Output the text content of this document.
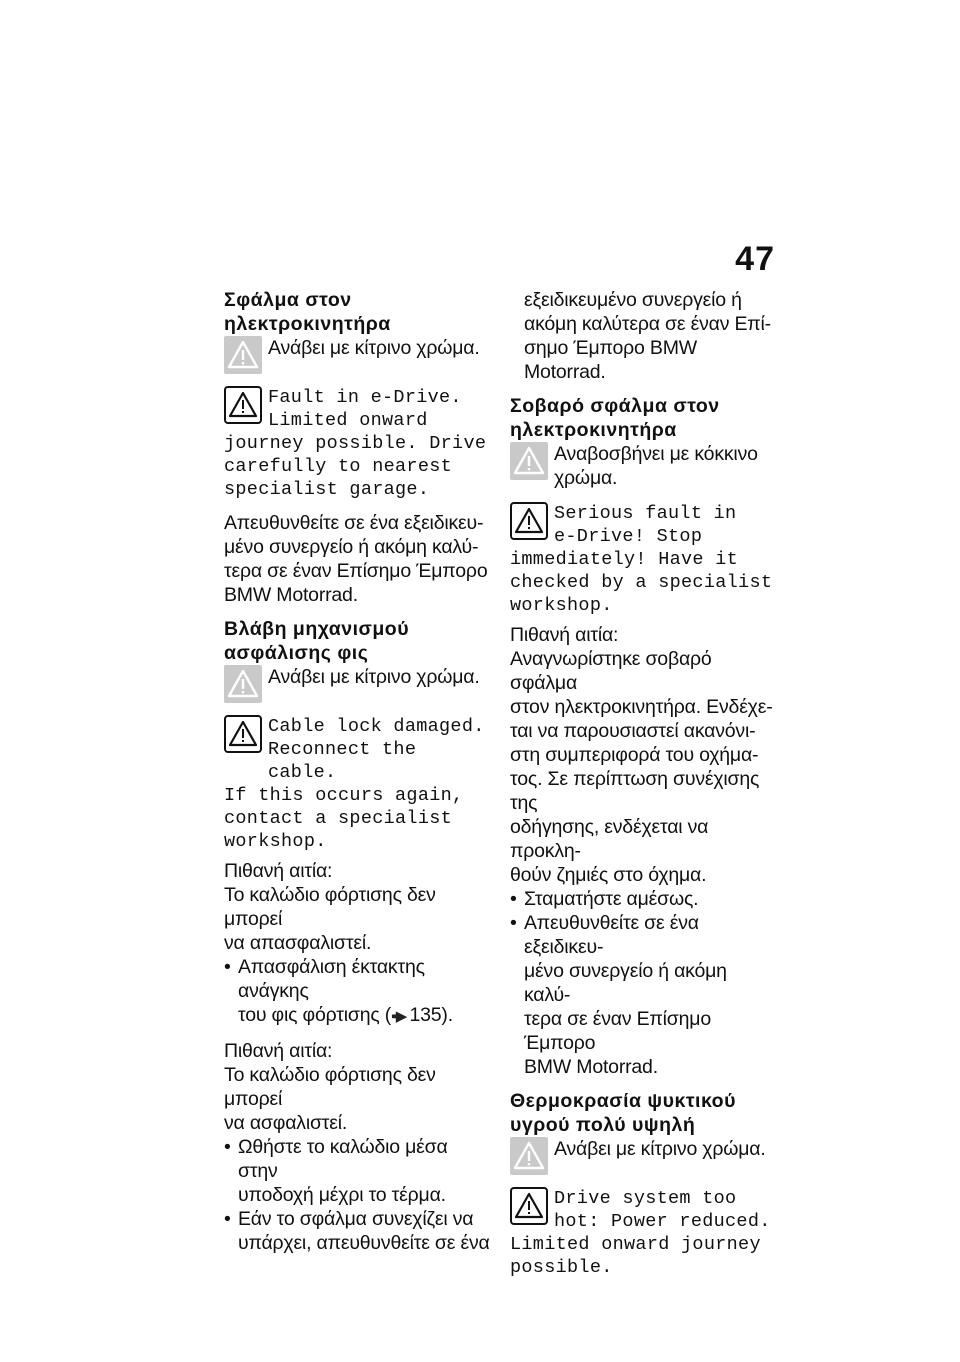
47
Σφάλμα στον
ηλεκτροκινητήρα
Ανάβει με κίτρινο χρώμα.
Fault in e-Drive.
Limited onward
journey possible. Drive
carefully to nearest
specialist garage.
Απευθυνθείτε σε ένα εξειδικευ-
μένο συνεργείο ή ακόμη καλύ-
τερα σε έναν Επίσημο Έμπορο
BMW Motorrad.
Βλάβη μηχανισμού
ασφάλισης φις
Ανάβει με κίτρινο χρώμα.
Cable lock damaged.
Reconnect the cable.
If this occurs again,
contact a specialist
workshop.
Πιθανή αιτία:
Το καλώδιο φόρτισης δεν μπορεί
να απασφαλιστεί.
• Απασφάλιση έκτακτης ανάγκης
του φις φόρτισης (▪▪▶ 135).
Πιθανή αιτία:
Το καλώδιο φόρτισης δεν μπορεί
να ασφαλιστεί.
• Ωθήστε το καλώδιο μέσα στην
υποδοχή μέχρι το τέρμα.
• Εάν το σφάλμα συνεχίζει να
υπάρχει, απευθυνθείτε σε ένα
εξειδικευμένο συνεργείο ή
ακόμη καλύτερα σε έναν Επί-
σημο Έμπορο BMW Motorrad.
Σοβαρό σφάλμα στον
ηλεκτροκινητήρα
Αναβοσβήνει με κόκκινο
χρώμα.
Serious fault in
e-Drive! Stop
immediately! Have it
checked by a specialist
workshop.
Πιθανή αιτία:
Αναγνωρίστηκε σοβαρό σφάλμα
στον ηλεκτροκινητήρα. Ενδέχε-
ται να παρουσιαστεί ακανόνι-
στη συμπεριφορά του οχήμα-
τος. Σε περίπτωση συνέχισης της
οδήγησης, ενδέχεται να προκλη-
θούν ζημιές στο όχημα.
• Σταματήστε αμέσως.
• Απευθυνθείτε σε ένα εξειδικευ-
μένο συνεργείο ή ακόμη καλύ-
τερα σε έναν Επίσημο Έμπορο
BMW Motorrad.
Θερμοκρασία ψυκτικού
υγρού πολύ υψηλή
Ανάβει με κίτρινο χρώμα.
Drive system too
hot: Power reduced.
Limited onward journey
possible.
